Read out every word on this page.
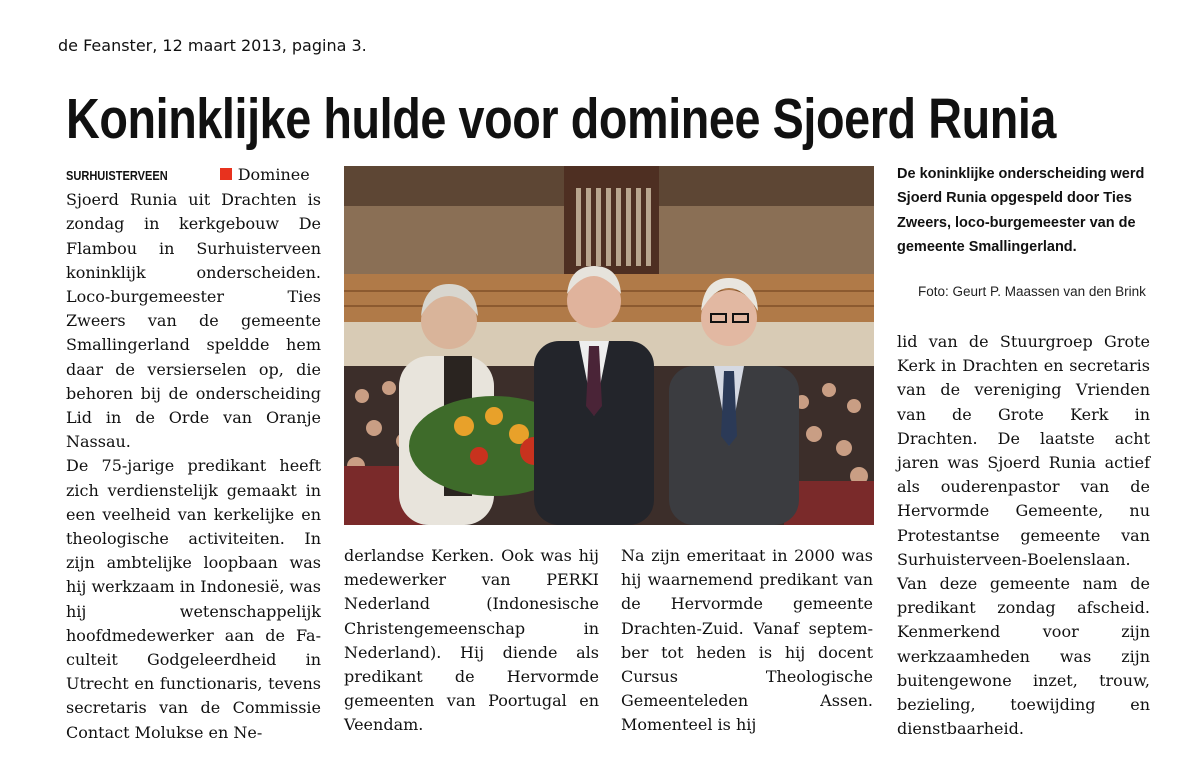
de Feanster, 12 maart 2013, pagina 3.
Koninklijke hulde voor dominee Sjoerd Runia

SURHUISTERVEEN	Dominee

Sjoerd Runia uit Drachten is zondag in kerkgebouw De Flambou in Surhuisterveen koninklijk onderscheiden. Loco-burgemeester Ties Zweers van de gemeente Smallingerland speldde hem daar de versierselen op, die behoren bij de onderscheiding Lid in de Orde van Oranje Nassau.

De 75-jarige predikant heeft zich verdienstelijk gemaakt in een veelheid van kerkelijke en theologische activiteiten. In zijn ambtelijke loopbaan was hij werkzaam in Indonesië, was hij wetenschappelijk hoofdmedewerker aan de Faculteit Godgeleerdheid in Utrecht en functionaris, tevens secretaris van de Commissie Contact Molukse en Ne-

derlandse Kerken. Ook was hij medewerker van PERKI Nederland (Indonesische Christengemeenschap in Nederland). Hij diende als predikant de Hervormde gemeenten van Poortugal en Veendam.

Na zijn emeritaat in 2000 was hij waarnemend predikant van de Hervormde gemeente Drachten-Zuid. Vanaf september tot heden is hij docent Cursus Theologische Gemeenteleden Assen. Momenteel is hij

De koninklijke onderscheiding werd Sjoerd Runia opgespeld door Ties Zweers, loco-burgemeester van de gemeente Smallingerland.
Foto: Geurt P. Maassen van den Brink

lid van de Stuurgroep Grote Kerk in Drachten en secretaris van de vereniging Vrienden van de Grote Kerk in Drachten. De laatste acht jaren was Sjoerd Runia actief als ouderenpastor van de Hervormde Gemeente, nu Protestantse gemeente van Surhuisterveen-Boelenslaan. Van deze gemeente nam de predikant zondag afscheid. Kenmerkend voor zijn werkzaamheden was zijn buitengewone inzet, trouw, bezieling, toewijding en dienstbaarheid.
